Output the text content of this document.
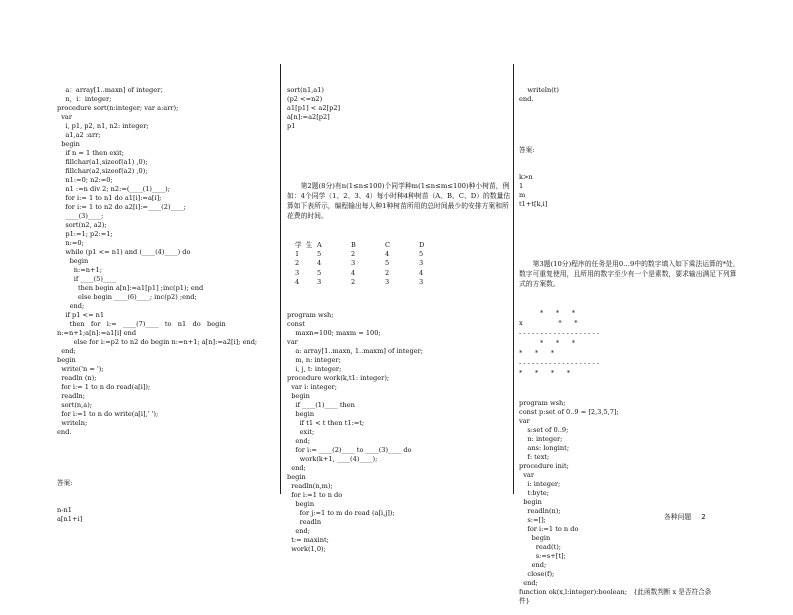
a：array[1..maxn] of integer；
n，i：integer;
procedure sort(n:integer; var a:arr);
var
i, p1, p2, n1, n2: integer;
a1,a2 :arr;
begin
if n = 1 then exit;
fillchar(a1,sizeof(a1) ,0);
fillchar(a2,sizeof(a2) ,0);
n1:=0; n2:=0;
n1 :=n div 2; n2:=(____(1)____);
for i:= 1 to n1 do a1[i]:=a[i];
for i:= 1 to n2 do a2[i]:=____(2)____;
____(3)____;
sort(n2, a2);
p1:=1; p2:=1;
n:=0;
while (p1 <= n1) and (____(4)____) do
begin
n:=n+1;
if ____(5)____
then begin a[n]:=a1[p1] ;inc(p1); end
else begin ____(6)____; inc(p2) ;end;
end;
if p1 <= n1
then   for   i:=   ____(7)____   to   n1   do   begin
n:=n+1;a[n]:=a1[i] end
else for i:=p2 to n2 do begin n:=n+1; a[n]:=a2[i]; end;
end;
begin
write('n = ');
readln (n);
for i:= 1 to n do read(a[i]);
readln;
sort(n,a);
for i:=1 to n do write(a[i],' ');
writeln;
end.

答案:

n-n1
a[n1+i]

sort(n1,a1)
(p2 <=n2)
a1[p1] < a2[p2]
a[n]:=a2[p2]
p1

第2题(8分)有n(1≤n≤100)个同学种m(1≤n≤m≤100)种小树苗，例如：4个同学（1、2、3、4）每小时种4种树苗（A、B、C、D）的数量估算如下表所示，编程输出每人种1种树苗所用的总时间最少的安排方案和所花费的时间。

学  生 A	B	C	D
1	5	2	4	5
2	4	3	5	3
3	5	4	2	4
4	3	2	3	3

program wsh;
const
maxn=100; maxm = 100;
var
a: array[1..maxn, 1..maxm] of integer;
m, n: integer;
i, j, t: integer;
procedure work(k,t1: integer);
var i: integer;
begin
if ____(1)____ then
begin
if t1 < t then t1:=t;
exit;
end;
for i:= ____(2)____ to ____(3)____ do
work(k+1, ____(4)____);
end;
begin
readln(n,m);
for i:=1 to n do
begin
for j:=1 to m do read (a[i,j]);
readln
end;
t:= maxint;
work(1,0);

writeln(t)
end.

答案:

k>n
1
m
t1+t[k,i]

第3题(10分)程序的任务是用0…9中的数字填入如下乘法运算的*处，数字可重复使用，且所用的数字至少有一个是素数，要求输出满足下列算式的方案数。

*      *      *
x                 *      *
- - - - - - - - - - - - - - - - - - -
*      *      *
*      *      *
- - - - - - - - - - - - - - - - - - -
*      *      *      *

program wsh;
const p:set of 0..9 = [2,3,5,7];
var
s:set of 0..9;
n: integer;
ans: longint;
f: text;
procedure init;
var
i: integer;
t:byte;
begin
readln(n);
s:=[];
for i:=1 to n do
begin
read(t);
s:=s+[t];
end;
close(f);
end;
function ok(x,l:integer):boolean;   {此函数判断 x 是否符合条
件}

各种问题 2
